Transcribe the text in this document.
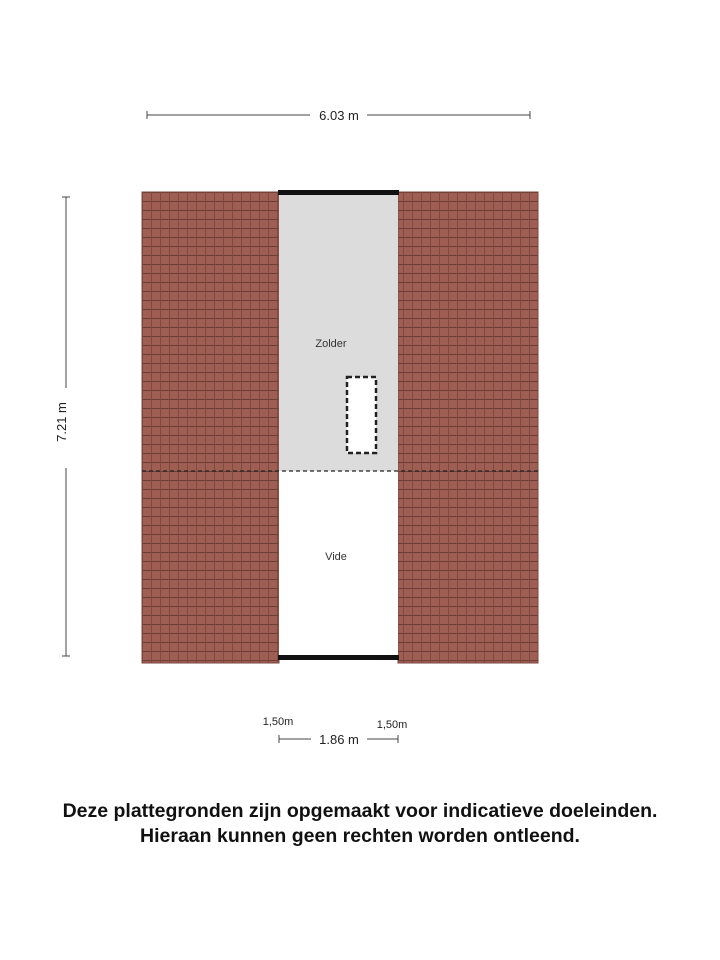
6.03 m
7.21 m
Zolder
Vide
1,50m	1,50m
1.86 m
Deze plattegronden zijn opgemaakt voor indicatieve doeleinden.
Hieraan kunnen geen rechten worden ontleend.
